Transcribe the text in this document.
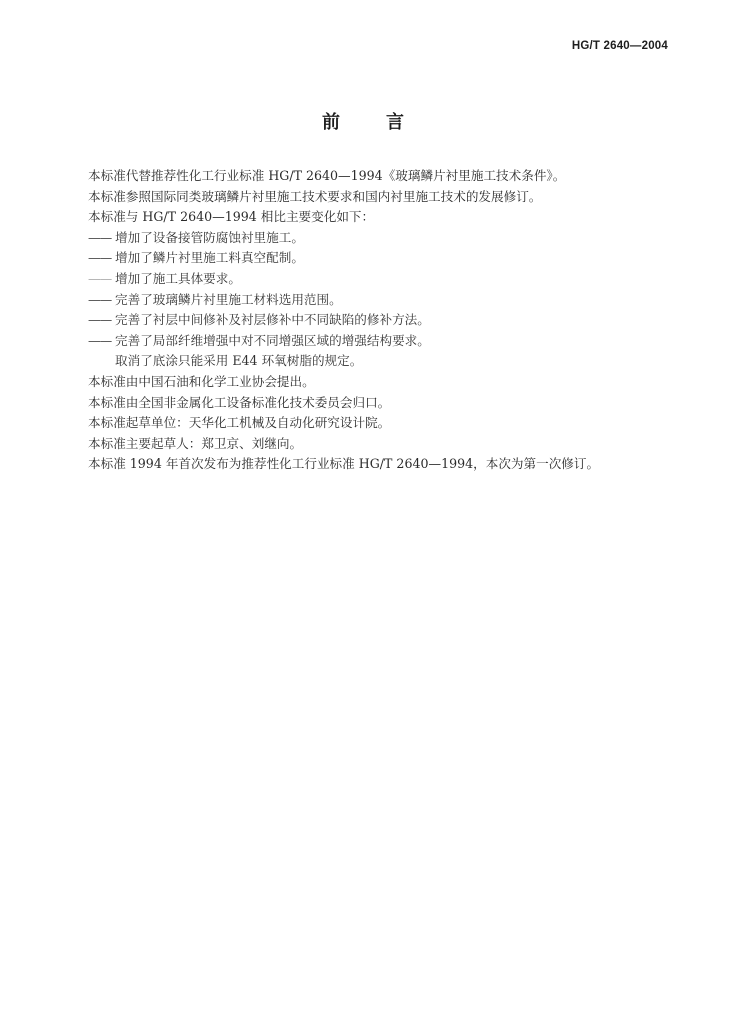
HG/T 2640—2004
前　言

本标准代替推荐性化工行业标准 HG/T 2640—1994《玻璃鳞片衬里施工技术条件》。

本标准参照国际同类玻璃鳞片衬里施工技术要求和国内衬里施工技术的发展修订。

本标准与 HG/T 2640—1994 相比主要变化如下：

—— 增加了设备接管防腐蚀衬里施工。
—— 增加了鳞片衬里施工料真空配制。
—— 增加了施工具体要求。
—— 完善了玻璃鳞片衬里施工材料选用范围。
—— 完善了衬层中间修补及衬层修补中不同缺陷的修补方法。
—— 完善了局部纤维增强中对不同增强区域的增强结构要求。
取消了底涂只能采用 E44 环氧树脂的规定。

本标准由中国石油和化学工业协会提出。

本标准由全国非金属化工设备标准化技术委员会归口。

本标准起草单位：天华化工机械及自动化研究设计院。

本标准主要起草人：郑卫京、刘继向。

本标准 1994 年首次发布为推荐性化工行业标准 HG/T 2640—1994，本次为第一次修订。
